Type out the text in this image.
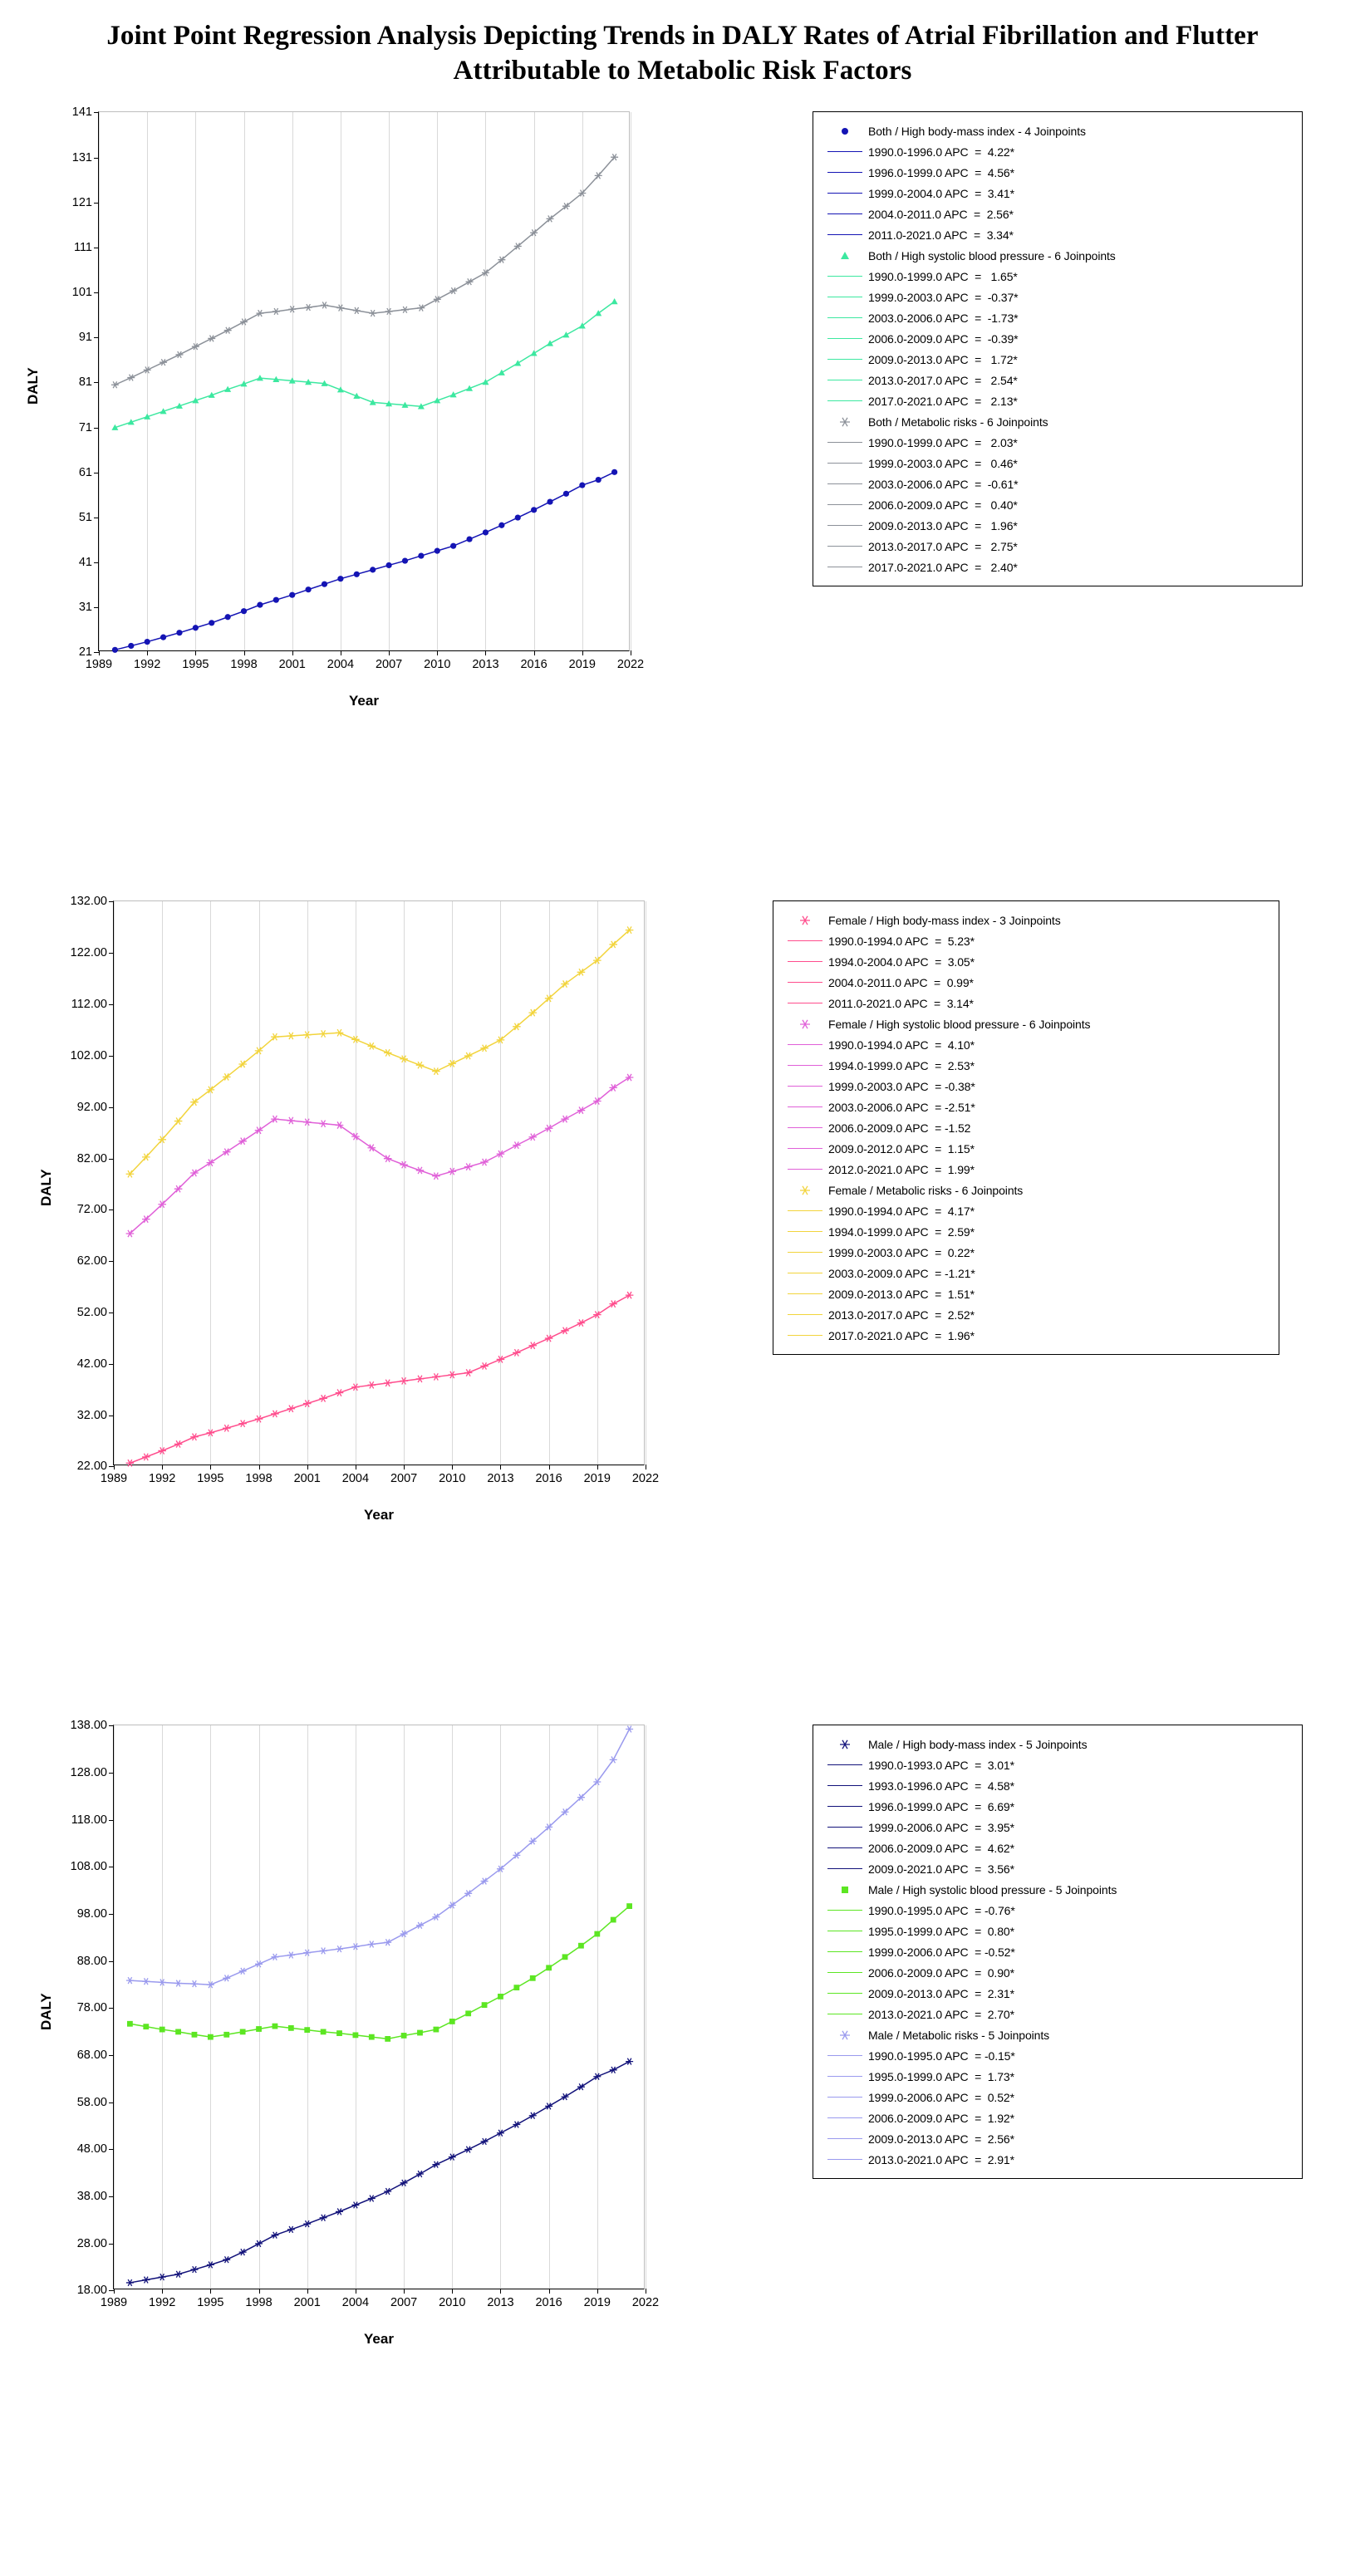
Joint Point Regression Analysis Depicting Trends in DALY Rates of Atrial Fibrillation and Flutter Attributable to Metabolic Risk Factors
DALY
1989 1992 1995 1998 2001 2004 2007 2010 2013 2016 2019 2022
21
31
41
51
61
71
81
91
101
111
121
131
141
Year
Both / High body-mass index - 4 Joinpoints
1990.0-1996.0 APC  =  4.22*
1996.0-1999.0 APC  =  4.56*
1999.0-2004.0 APC  =  3.41*
2004.0-2011.0 APC  =  2.56*
2011.0-2021.0 APC  =  3.34*
Both / High systolic blood pressure - 6 Joinpoints
1990.0-1999.0 APC  =   1.65*
1999.0-2003.0 APC  =  -0.37*
2003.0-2006.0 APC  =  -1.73*
2006.0-2009.0 APC  =  -0.39*
2009.0-2013.0 APC  =   1.72*
2013.0-2017.0 APC  =   2.54*
2017.0-2021.0 APC  =   2.13*
Both / Metabolic risks - 6 Joinpoints
1990.0-1999.0 APC  =   2.03*
1999.0-2003.0 APC  =   0.46*
2003.0-2006.0 APC  =  -0.61*
2006.0-2009.0 APC  =   0.40*
2009.0-2013.0 APC  =   1.96*
2013.0-2017.0 APC  =   2.75*
2017.0-2021.0 APC  =   2.40*
DALY
1989 1992 1995 1998 2001 2004 2007 2010 2013 2016 2019 2022
22.00
32.00
42.00
52.00
62.00
72.00
82.00
92.00
102.00
112.00
122.00
132.00
Year
Female / High body-mass index - 3 Joinpoints
1990.0-1994.0 APC  =  5.23*
1994.0-2004.0 APC  =  3.05*
2004.0-2011.0 APC  =  0.99*
2011.0-2021.0 APC  =  3.14*
Female / High systolic blood pressure - 6 Joinpoints
1990.0-1994.0 APC  =  4.10*
1994.0-1999.0 APC  =  2.53*
1999.0-2003.0 APC  = -0.38*
2003.0-2006.0 APC  = -2.51*
2006.0-2009.0 APC  = -1.52
2009.0-2012.0 APC  =  1.15*
2012.0-2021.0 APC  =  1.99*
Female / Metabolic risks - 6 Joinpoints
1990.0-1994.0 APC  =  4.17*
1994.0-1999.0 APC  =  2.59*
1999.0-2003.0 APC  =  0.22*
2003.0-2009.0 APC  = -1.21*
2009.0-2013.0 APC  =  1.51*
2013.0-2017.0 APC  =  2.52*
2017.0-2021.0 APC  =  1.96*
DALY
1989 1992 1995 1998 2001 2004 2007 2010 2013 2016 2019 2022
18.00
28.00
38.00
48.00
58.00
68.00
78.00
88.00
98.00
108.00
118.00
128.00
138.00
Year
Male / High body-mass index - 5 Joinpoints
1990.0-1993.0 APC  =  3.01*
1993.0-1996.0 APC  =  4.58*
1996.0-1999.0 APC  =  6.69*
1999.0-2006.0 APC  =  3.95*
2006.0-2009.0 APC  =  4.62*
2009.0-2021.0 APC  =  3.56*
Male / High systolic blood pressure - 5 Joinpoints
1990.0-1995.0 APC  = -0.76*
1995.0-1999.0 APC  =  0.80*
1999.0-2006.0 APC  = -0.52*
2006.0-2009.0 APC  =  0.90*
2009.0-2013.0 APC  =  2.31*
2013.0-2021.0 APC  =  2.70*
Male / Metabolic risks - 5 Joinpoints
1990.0-1995.0 APC  = -0.15*
1995.0-1999.0 APC  =  1.73*
1999.0-2006.0 APC  =  0.52*
2006.0-2009.0 APC  =  1.92*
2009.0-2013.0 APC  =  2.56*
2013.0-2021.0 APC  =  2.91*
